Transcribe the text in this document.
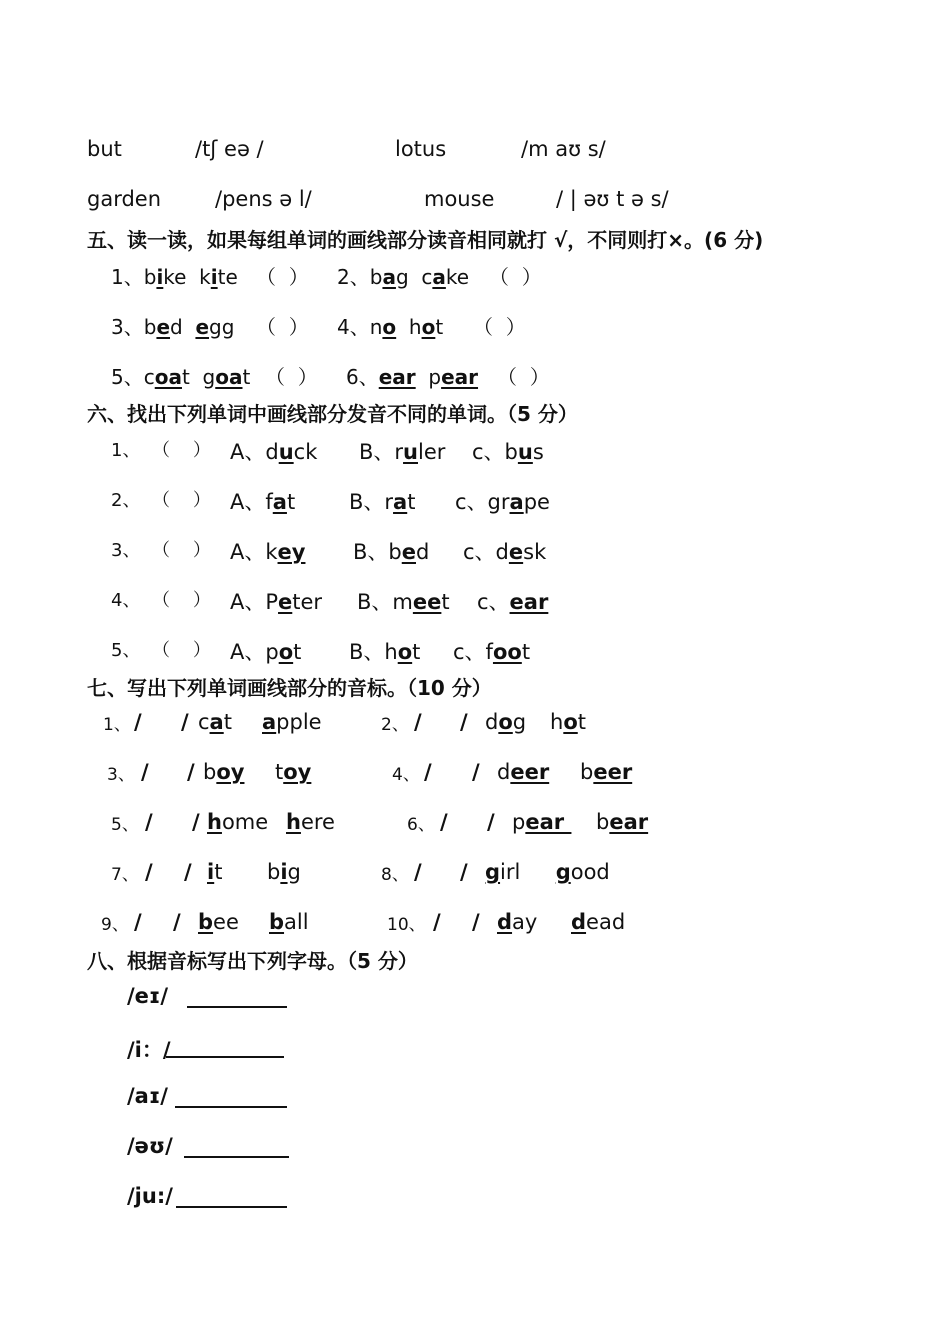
but	/tʃ eə /	lotus	/m aʊ s/
garden	/pens ə l/	mouse	/ | əʊ t ə s/
五、读一读，如果每组单词的画线部分读音相同就打 √，不同则打×。(6 分)
1、bike  kite （  ） 2、bag  cake （  ）
3、bed  egg （  ） 4、no  hot （  ）
5、coat  goat （  ） 6、ear  pear （  ）
六、找出下列单词中画线部分发音不同的单词。（5 分）
1、 （    ） A、duck B、ruler c、bus
2、 （    ） A、fat	B、rat c、grape
3、 （    ） A、key B、bed c、desk
4、 （    ） A、Peter B、meet c、ear
5、 （    ） A、pot B、hot c、foot
七、写出下列单词画线部分的音标。（10 分）
1、 / / cat apple	2、 / / dog hot
3、 / / boy toy	4、 / / deer beer
5、 / / home here	6、 / / pear bear
7、 / / it big	8、 / / girl	good
9、 / / bee ball	10、 / / day dead
八、根据音标写出下列字母。（5 分）
/eɪ/
/i：/
/aɪ/
/əʊ/
/ju:/
